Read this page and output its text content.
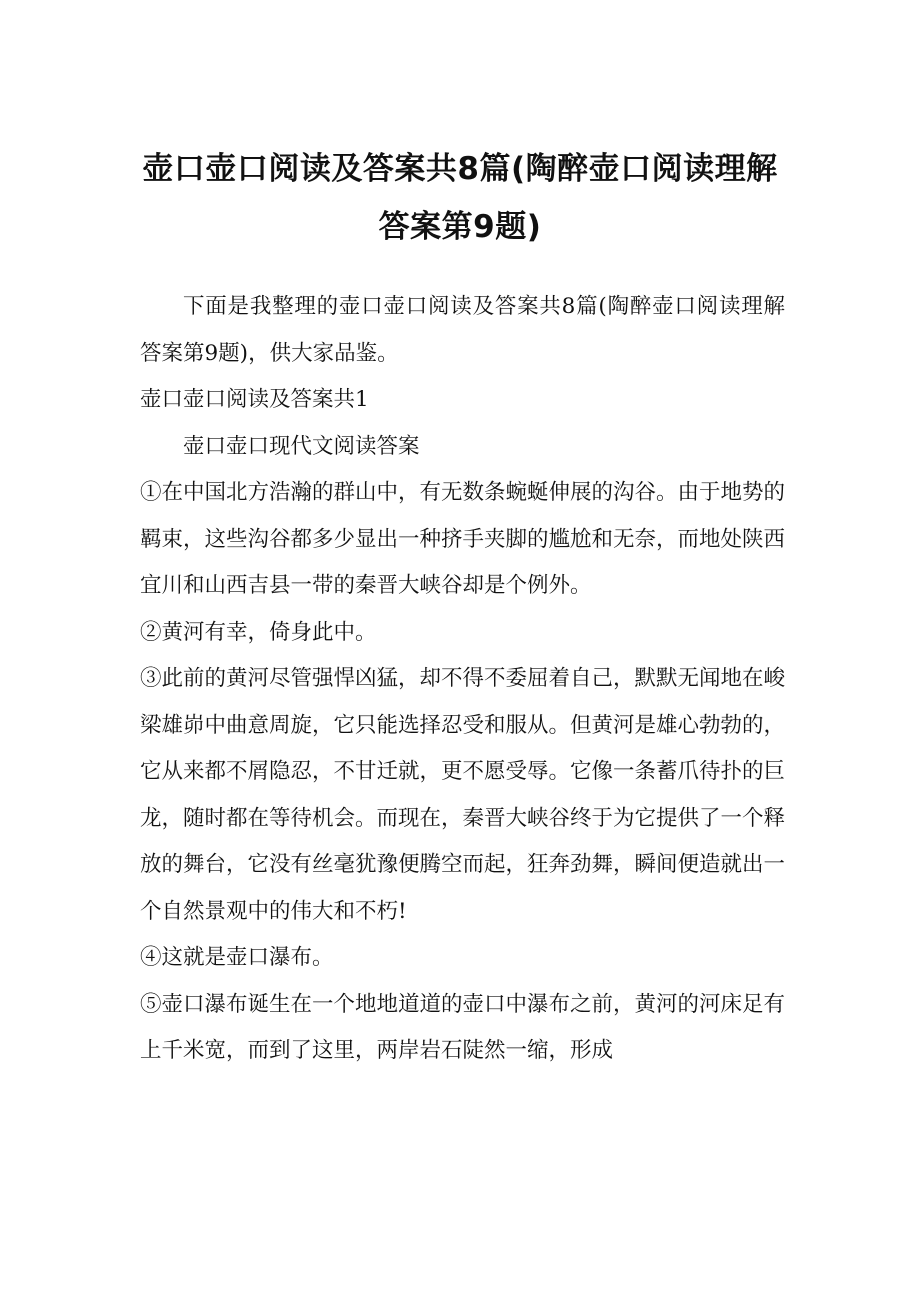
壶口壶口阅读及答案共8篇(陶醉壶口阅读理解答案第9题)

下面是我整理的壶口壶口阅读及答案共8篇(陶醉壶口阅读理解答案第9题)，供大家品鉴。

壶口壶口阅读及答案共1

壶口壶口现代文阅读答案

①在中国北方浩瀚的群山中，有无数条蜿蜒伸展的沟谷。由于地势的羁束，这些沟谷都多少显出一种挤手夹脚的尴尬和无奈，而地处陕西宜川和山西吉县一带的秦晋大峡谷却是个例外。

②黄河有幸，倚身此中。

③此前的黄河尽管强悍凶猛，却不得不委屈着自己，默默无闻地在峻梁雄峁中曲意周旋，它只能选择忍受和服从。但黄河是雄心勃勃的，它从来都不屑隐忍，不甘迁就，更不愿受辱。它像一条蓄爪待扑的巨龙，随时都在等待机会。而现在，秦晋大峡谷终于为它提供了一个释放的舞台，它没有丝毫犹豫便腾空而起，狂奔劲舞，瞬间便造就出一个自然景观中的伟大和不朽!

④这就是壶口瀑布。

⑤壶口瀑布诞生在一个地地道道的壶口中瀑布之前，黄河的河床足有上千米宽，而到了这里，两岸岩石陡然一缩，形成
